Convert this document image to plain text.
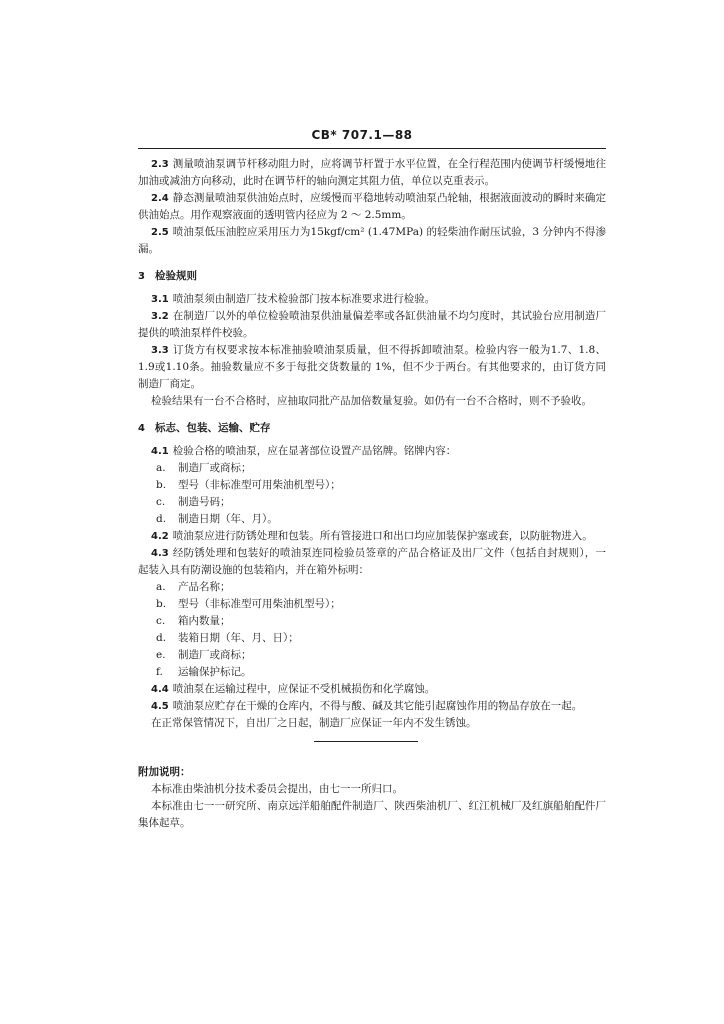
CB* 707.1—88

2.3 测量喷油泵调节杆移动阻力时，应将调节杆置于水平位置，在全行程范围内使调节杆缓慢地往加油或减油方向移动，此时在调节杆的轴向测定其阻力值，单位以克重表示。

2.4 静态测量喷油泵供油始点时，应缓慢而平稳地转动喷油泵凸轮轴，根据液面波动的瞬时来确定供油始点。用作观察液面的透明管内径应为 2 ～ 2.5mm。

2.5 喷油泵低压油腔应采用压力为15kgf/cm² (1.47MPa) 的轻柴油作耐压试验，3 分钟内不得渗漏。

3 检验规则

3.1 喷油泵须由制造厂技术检验部门按本标准要求进行检验。

3.2 在制造厂以外的单位检验喷油泵供油量偏差率或各缸供油量不均匀度时，其试验台应用制造厂提供的喷油泵样件校验。

3.3 订货方有权要求按本标准抽验喷油泵质量，但不得拆卸喷油泵。检验内容一般为1.7、1.8、1.9或1.10条。抽验数量应不多于每批交货数量的 1%，但不少于两台。有其他要求的，由订货方同制造厂商定。

检验结果有一台不合格时，应抽取同批产品加倍数量复验。如仍有一台不合格时，则不予验收。

4 标志、包装、运输、贮存

4.1 检验合格的喷油泵，应在显著部位设置产品铭牌。铭牌内容：

a. 制造厂或商标；

b. 型号（非标准型可用柴油机型号）；

c. 制造号码；

d. 制造日期（年、月）。

4.2 喷油泵应进行防锈处理和包装。所有管接进口和出口均应加装保护塞或套，以防脏物进入。

4.3 经防锈处理和包装好的喷油泵连同检验员签章的产品合格证及出厂文件（包括自封规则），一起装入具有防潮设施的包装箱内，并在箱外标明：

a. 产品名称；

b. 型号（非标准型可用柴油机型号）；

c. 箱内数量；

d. 装箱日期（年、月、日）；

e. 制造厂或商标；

f. 运输保护标记。

4.4 喷油泵在运输过程中，应保证不受机械损伤和化学腐蚀。

4.5 喷油泵应贮存在干燥的仓库内，不得与酸、碱及其它能引起腐蚀作用的物品存放在一起。

在正常保管情况下，自出厂之日起，制造厂应保证一年内不发生锈蚀。

附加说明：

本标准由柴油机分技术委员会提出，由七一一所归口。

本标准由七一一研究所、南京远洋船舶配件制造厂、陕西柴油机厂、红江机械厂及红旗船舶配件厂集体起草。
